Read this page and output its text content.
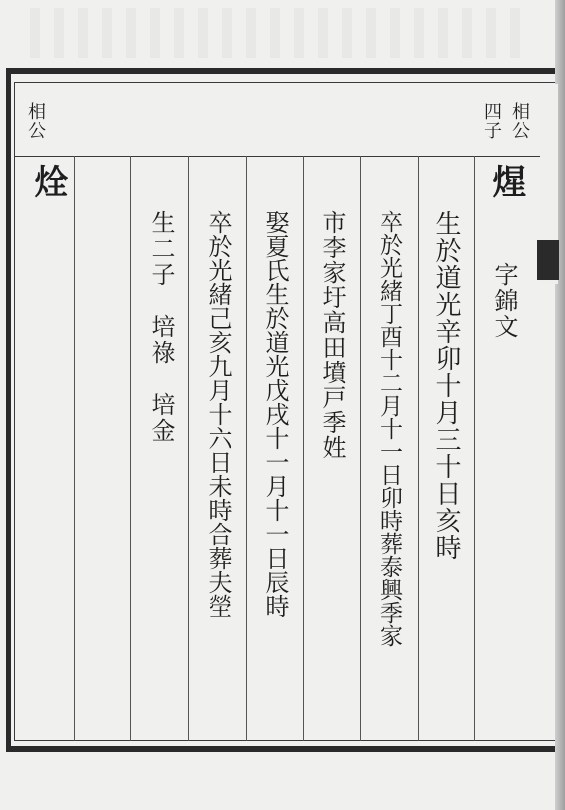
相公
四子
相公
煋
字錦文
生於道光辛卯十月三十日亥時
卒於光緒丁酉十二月十一日卯時葬泰興季家
市李家圩高田墳戸季姓
娶夏氏生於道光戊戌十一月十一日辰時
卒於光緒己亥九月十六日未時合葬夫塋
生二子　培祿　培金
烇
